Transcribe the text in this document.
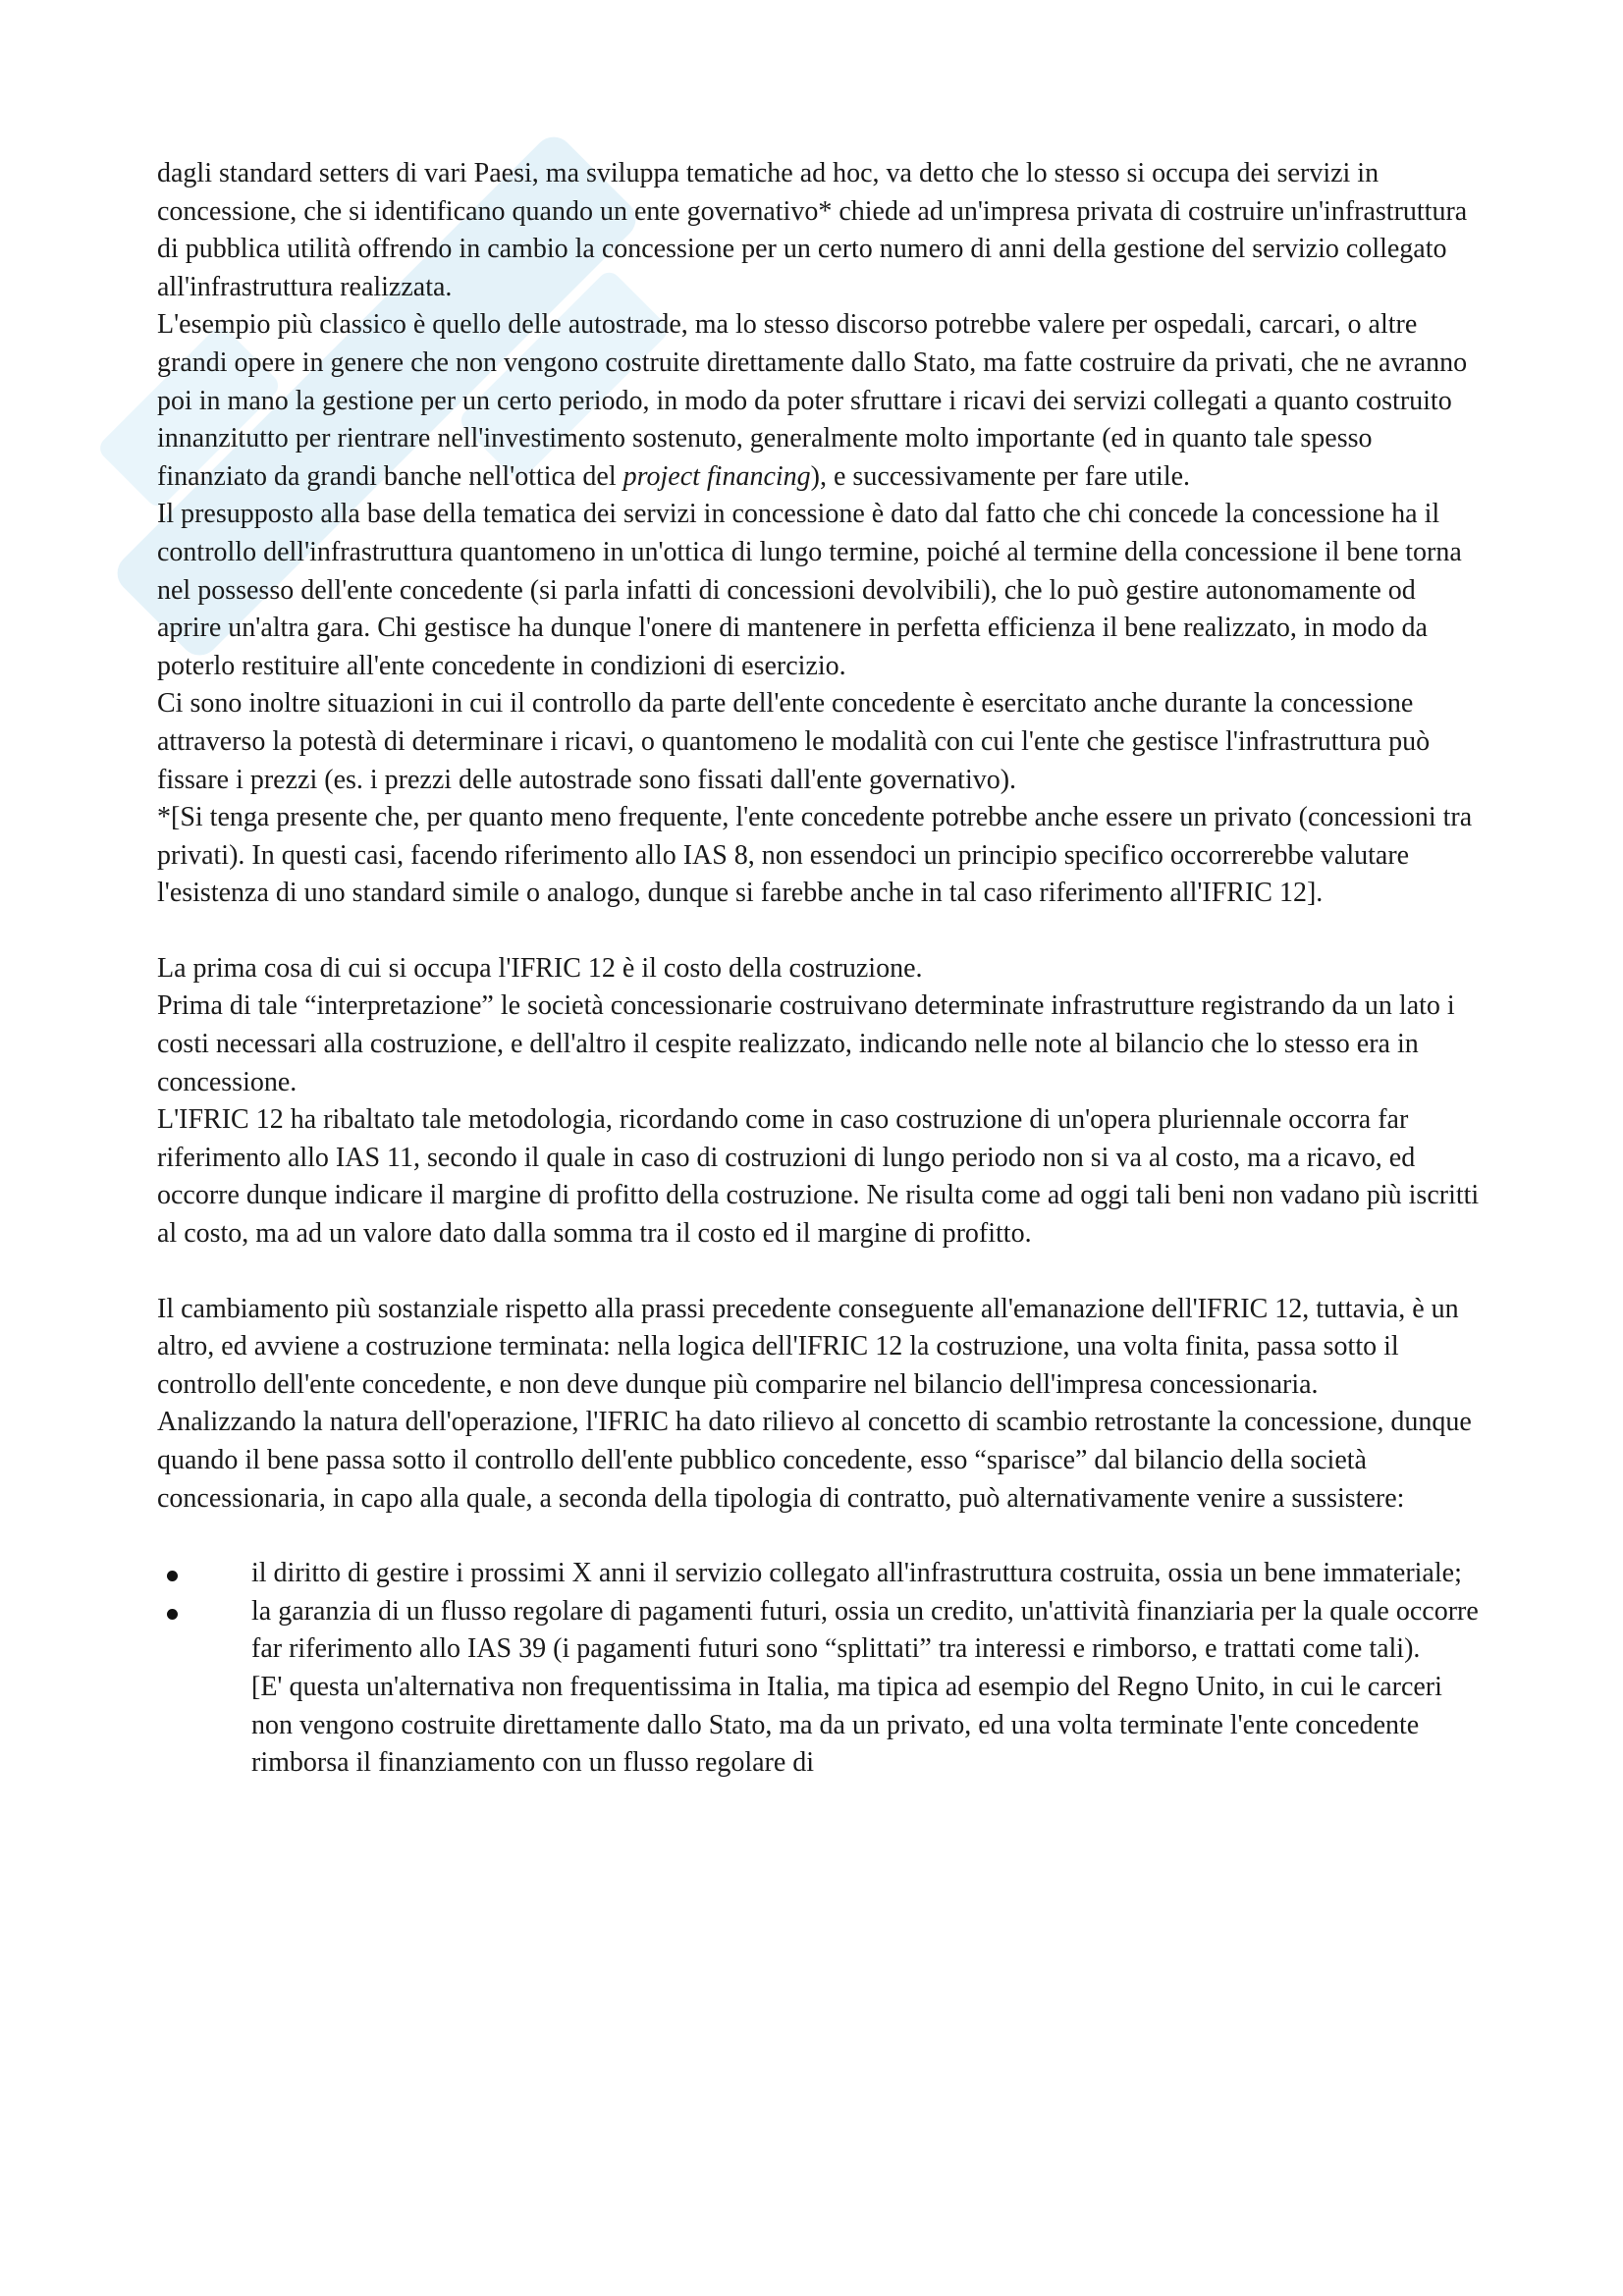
dagli standard setters di vari Paesi, ma sviluppa tematiche ad hoc, va detto che lo stesso si occupa dei servizi in concessione, che si identificano quando un ente governativo* chiede ad un'impresa privata di costruire un'infrastruttura di pubblica utilità offrendo in cambio la concessione per un certo numero di anni della gestione del servizio collegato all'infrastruttura realizzata.

L'esempio più classico è quello delle autostrade, ma lo stesso discorso potrebbe valere per ospedali, carcari, o altre grandi opere in genere che non vengono costruite direttamente dallo Stato, ma fatte costruire da privati, che ne avranno poi in mano la gestione per un certo periodo, in modo da poter sfruttare i ricavi dei servizi collegati a quanto costruito innanzitutto per rientrare nell'investimento sostenuto, generalmente molto importante (ed in quanto tale spesso finanziato da grandi banche nell'ottica del project financing), e successivamente per fare utile.

Il presupposto alla base della tematica dei servizi in concessione è dato dal fatto che chi concede la concessione ha il controllo dell'infrastruttura quantomeno in un'ottica di lungo termine, poiché al termine della concessione il bene torna nel possesso dell'ente concedente (si parla infatti di concessioni devolvibili), che lo può gestire autonomamente od aprire un'altra gara. Chi gestisce ha dunque l'onere di mantenere in perfetta efficienza il bene realizzato, in modo da poterlo restituire all'ente concedente in condizioni di esercizio.

Ci sono inoltre situazioni in cui il controllo da parte dell'ente concedente è esercitato anche durante la concessione attraverso la potestà di determinare i ricavi, o quantomeno le modalità con cui l'ente che gestisce l'infrastruttura può fissare i prezzi (es. i prezzi delle autostrade sono fissati dall'ente governativo).

*[Si tenga presente che, per quanto meno frequente, l'ente concedente potrebbe anche essere un privato (concessioni tra privati). In questi casi, facendo riferimento allo IAS 8, non essendoci un principio specifico occorrerebbe valutare l'esistenza di uno standard simile o analogo, dunque si farebbe anche in tal caso riferimento all'IFRIC 12].

La prima cosa di cui si occupa l'IFRIC 12 è il costo della costruzione.

Prima di tale “interpretazione” le società concessionarie costruivano determinate infrastrutture registrando da un lato i costi necessari alla costruzione, e dell'altro il cespite realizzato, indicando nelle note al bilancio che lo stesso era in concessione.

L'IFRIC 12 ha ribaltato tale metodologia, ricordando come in caso costruzione di un'opera pluriennale occorra far riferimento allo IAS 11, secondo il quale in caso di costruzioni di lungo periodo non si va al costo, ma a ricavo, ed occorre dunque indicare il margine di profitto della costruzione. Ne risulta come ad oggi tali beni non vadano più iscritti al costo, ma ad un valore dato dalla somma tra il costo ed il margine di profitto.

Il cambiamento più sostanziale rispetto alla prassi precedente conseguente all'emanazione dell'IFRIC 12, tuttavia, è un altro, ed avviene a costruzione terminata: nella logica dell'IFRIC 12 la costruzione, una volta finita, passa sotto il controllo dell'ente concedente, e non deve dunque più comparire nel bilancio dell'impresa concessionaria.

Analizzando la natura dell'operazione, l'IFRIC ha dato rilievo al concetto di scambio retrostante la concessione, dunque quando il bene passa sotto il controllo dell'ente pubblico concedente, esso “sparisce” dal bilancio della società concessionaria, in capo alla quale, a seconda della tipologia di contratto, può alternativamente venire a sussistere:

il diritto di gestire i prossimi X anni il servizio collegato all'infrastruttura costruita, ossia un bene immateriale;
la garanzia di un flusso regolare di pagamenti futuri, ossia un credito, un'attività finanziaria per la quale occorre far riferimento allo IAS 39 (i pagamenti futuri sono “splittati” tra interessi e rimborso, e trattati come tali).
[E' questa un'alternativa non frequentissima in Italia, ma tipica ad esempio del Regno Unito, in cui le carceri non vengono costruite direttamente dallo Stato, ma da un privato, ed una volta terminate l'ente concedente rimborsa il finanziamento con un flusso regolare di
